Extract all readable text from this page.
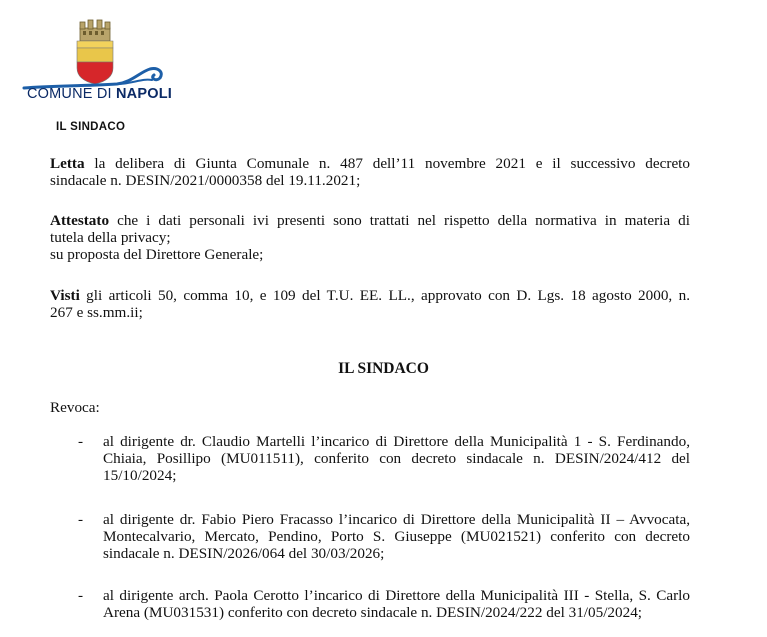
COMUNE DI NAPOLI
IL SINDACO
Letta la delibera di Giunta Comunale n. 487 dell’11 novembre 2021 e il successivo decreto
sindacale n. DESIN/2021/0000358 del 19.11.2021;
Attestato che i dati personali ivi presenti sono trattati nel rispetto della normativa in materia di
tutela della privacy;
su proposta del Direttore Generale;
Visti gli articoli 50, comma 10, e 109 del T.U. EE. LL., approvato con D. Lgs. 18 agosto 2000, n.
267 e ss.mm.ii;
IL SINDACO
Revoca:
- al dirigente dr. Claudio Martelli l’incarico di Direttore della Municipalità 1 - S. Ferdinando,
Chiaia, Posillipo (MU011511), conferito con decreto sindacale n. DESIN/2024/412 del
15/10/2024;
- al dirigente dr. Fabio Piero Fracasso l’incarico di Direttore della Municipalità II – Avvocata,
Montecalvario, Mercato, Pendino, Porto S. Giuseppe (MU021521) conferito con decreto
sindacale n. DESIN/2026/064 del 30/03/2026;
- al dirigente arch. Paola Cerotto l’incarico di Direttore della Municipalità III - Stella, S. Carlo
Arena (MU031531) conferito con decreto sindacale n. DESIN/2024/222 del 31/05/2024;
